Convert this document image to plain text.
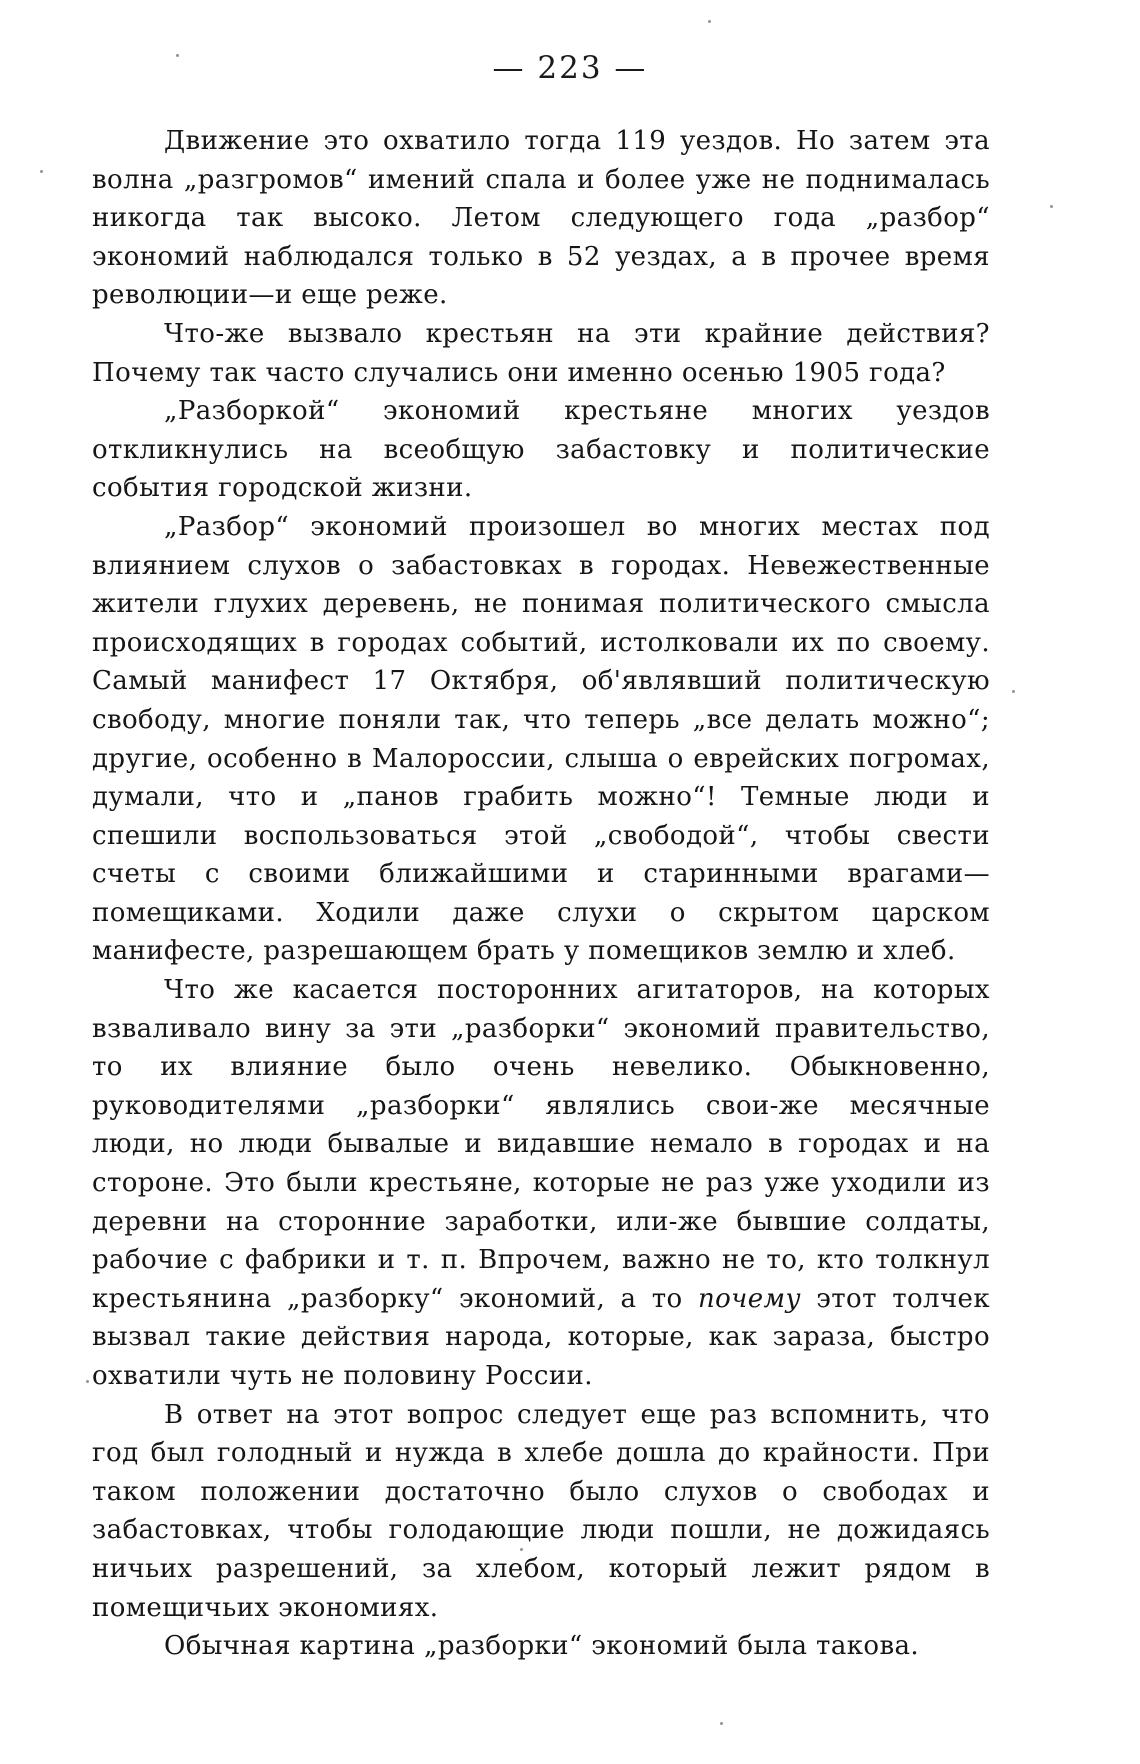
— 223 —

Движение это охватило тогда 119 уездов. Но затем эта волна „разгромов“ имений спала и более уже не поднималась никогда так высоко. Летом следующего года „разбор“ экономий наблюдался только в 52 уездах, а в прочее время революции—и еще реже.

Что-же вызвало крестьян на эти крайние действия? Почему так часто случались они именно осенью 1905 года?

„Разборкой“ экономий крестьяне многих уездов откликнулись на всеобщую забастовку и политические события городской жизни.

„Разбор“ экономий произошел во многих местах под влиянием слухов о забастовках в городах. Невежественные жители глухих деревень, не понимая политического смысла происходящих в городах событий, истолковали их по своему. Самый манифест 17 Октября, об'являвший политическую свободу, многие поняли так, что теперь „все делать можно“; другие, особенно в Малороссии, слыша о еврейских погромах, думали, что и „панов грабить можно“! Темные люди и спешили воспользоваться этой „свободой“, чтобы свести счеты с своими ближайшими и старинными врагами—помещиками. Ходили даже слухи о скрытом царском манифесте, разрешающем брать у помещиков землю и хлеб.

Что же касается посторонних агитаторов, на которых взваливало вину за эти „разборки“ экономий правительство, то их влияние было очень невелико. Обыкновенно, руководителями „разборки“ являлись свои-же месячные люди, но люди бывалые и видавшие немало в городах и на стороне. Это были крестьяне, которые не раз уже уходили из деревни на сторонние заработки, или-же бывшие солдаты, рабочие с фабрики и т. п. Впрочем, важно не то, кто толкнул крестьянина „разборку“ экономий, а то почему этот толчек вызвал такие действия народа, которые, как зараза, быстро охватили чуть не половину России.

В ответ на этот вопрос следует еще раз вспомнить, что год был голодный и нужда в хлебе дошла до крайности. При таком положении достаточно было слухов о свободах и забастовках, чтобы голодающие люди пошли, не дожидаясь ничьих разрешений, за хлебом, который лежит рядом в помещичьих экономиях.

Обычная картина „разборки“ экономий была такова.
